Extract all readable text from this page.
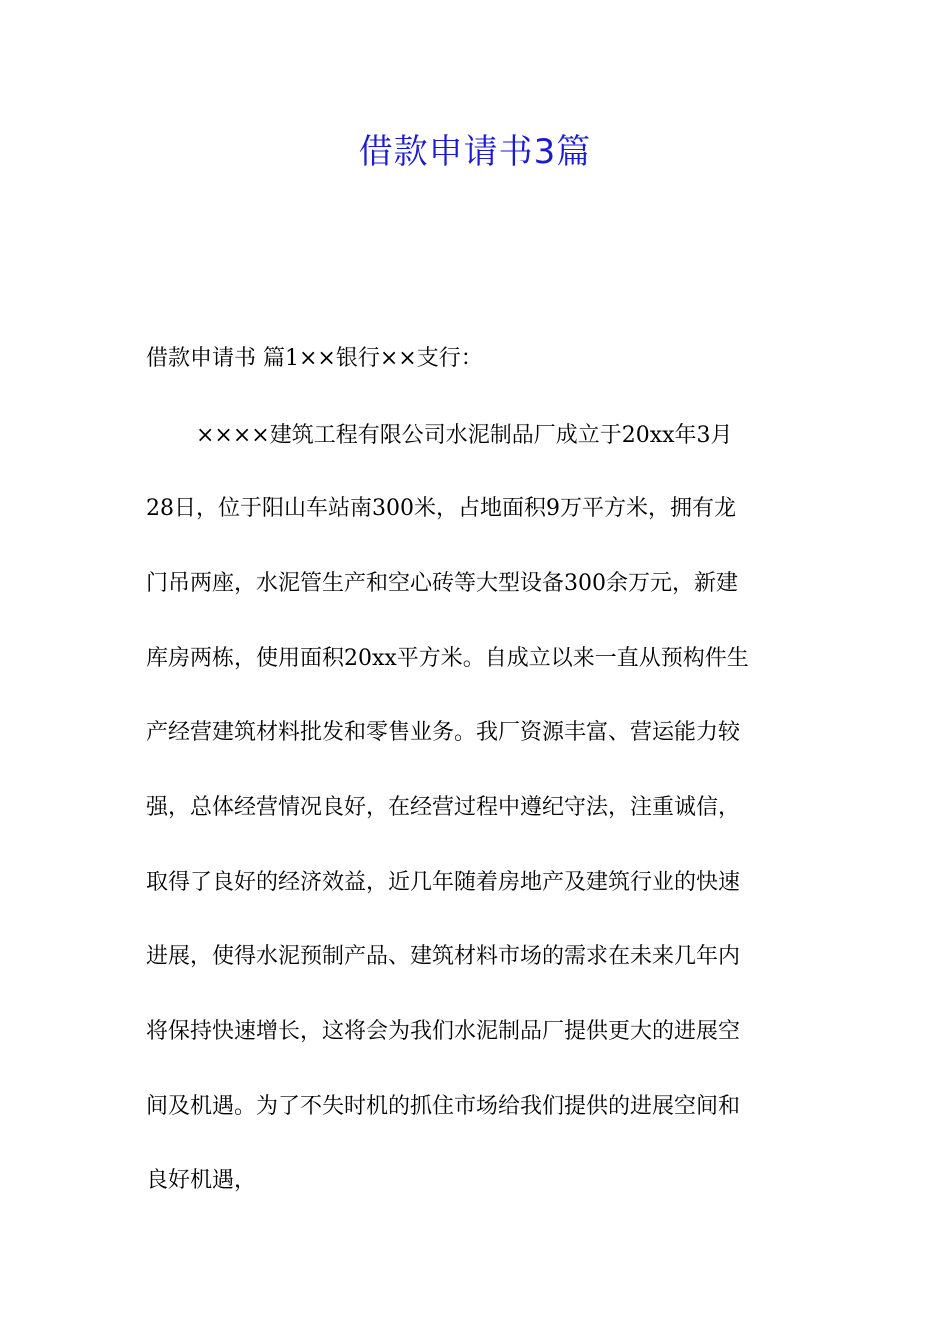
借款申请书3篇

借款申请书 篇1××银行××支行：

××××建筑工程有限公司水泥制品厂成立于20xx年3月

28日，位于阳山车站南300米，占地面积9万平方米，拥有龙

门吊两座，水泥管生产和空心砖等大型设备300余万元，新建

库房两栋，使用面积20xx平方米。自成立以来一直从预构件生

产经营建筑材料批发和零售业务。我厂资源丰富、营运能力较

强，总体经营情况良好，在经营过程中遵纪守法，注重诚信，

取得了良好的经济效益，近几年随着房地产及建筑行业的快速

进展，使得水泥预制产品、建筑材料市场的需求在未来几年内

将保持快速增长，这将会为我们水泥制品厂提供更大的进展空

间及机遇。为了不失时机的抓住市场给我们提供的进展空间和

良好机遇，
